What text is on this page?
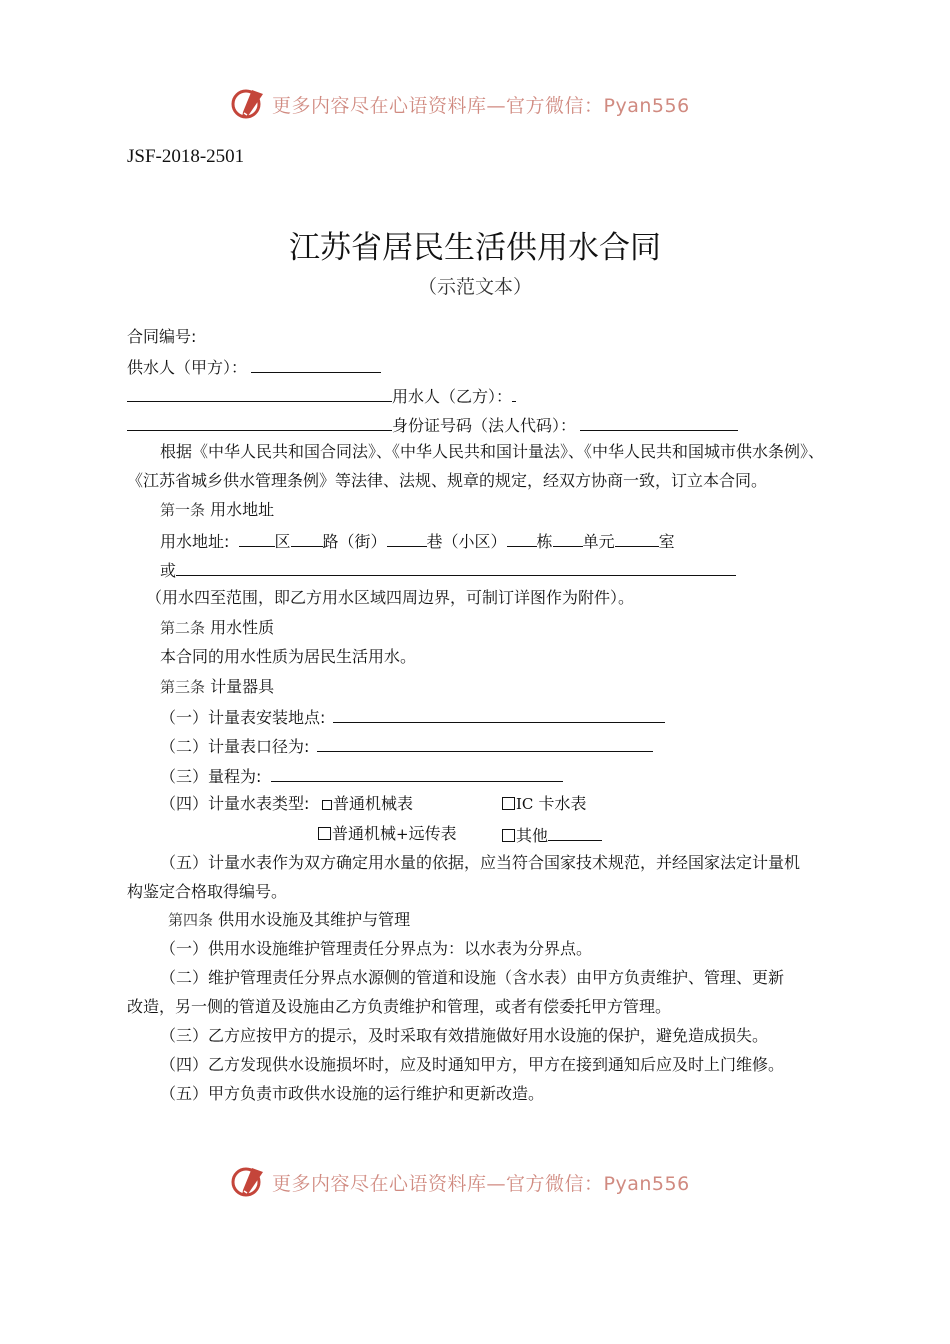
更多内容尽在心语资料库—官方微信：Pyan556
JSF-2018-2501
江苏省居民生活供用水合同
（示范文本）
合同编号:
供水人（甲方）：
用水人（乙方）：
身份证号码（法人代码）：
根据《中华人民共和国合同法》、《中华人民共和国计量法》、《中华人民共和国城市供水条例》、
《江苏省城乡供水管理条例》等法律、法规、规章的规定，经双方协商一致，订立本合同。
第一条 用水地址
用水地址:	区 路（街）	巷（小区） 栋 单元	室
或
（用水四至范围，即乙方用水区域四周边界，可制订详图作为附件）。
第二条 用水性质
本合同的用水性质为居民生活用水。
第三条 计量器具
（一）计量表安装地点:
（二）计量表口径为:
（三）量程为:
（四）计量水表类型:	普通机械表	IC 卡水表
普通机械+远传表	其他
（五）计量水表作为双方确定用水量的依据，应当符合国家技术规范，并经国家法定计量机
构鉴定合格取得编号。
第四条 供用水设施及其维护与管理
（一）供用水设施维护管理责任分界点为：以水表为分界点。
（二）维护管理责任分界点水源侧的管道和设施（含水表）由甲方负责维护、管理、更新
改造，另一侧的管道及设施由乙方负责维护和管理，或者有偿委托甲方管理。
（三）乙方应按甲方的提示，及时采取有效措施做好用水设施的保护，避免造成损失。
（四）乙方发现供水设施损坏时，应及时通知甲方，甲方在接到通知后应及时上门维修。
（五）甲方负责市政供水设施的运行维护和更新改造。
更多内容尽在心语资料库—官方微信：Pyan556
